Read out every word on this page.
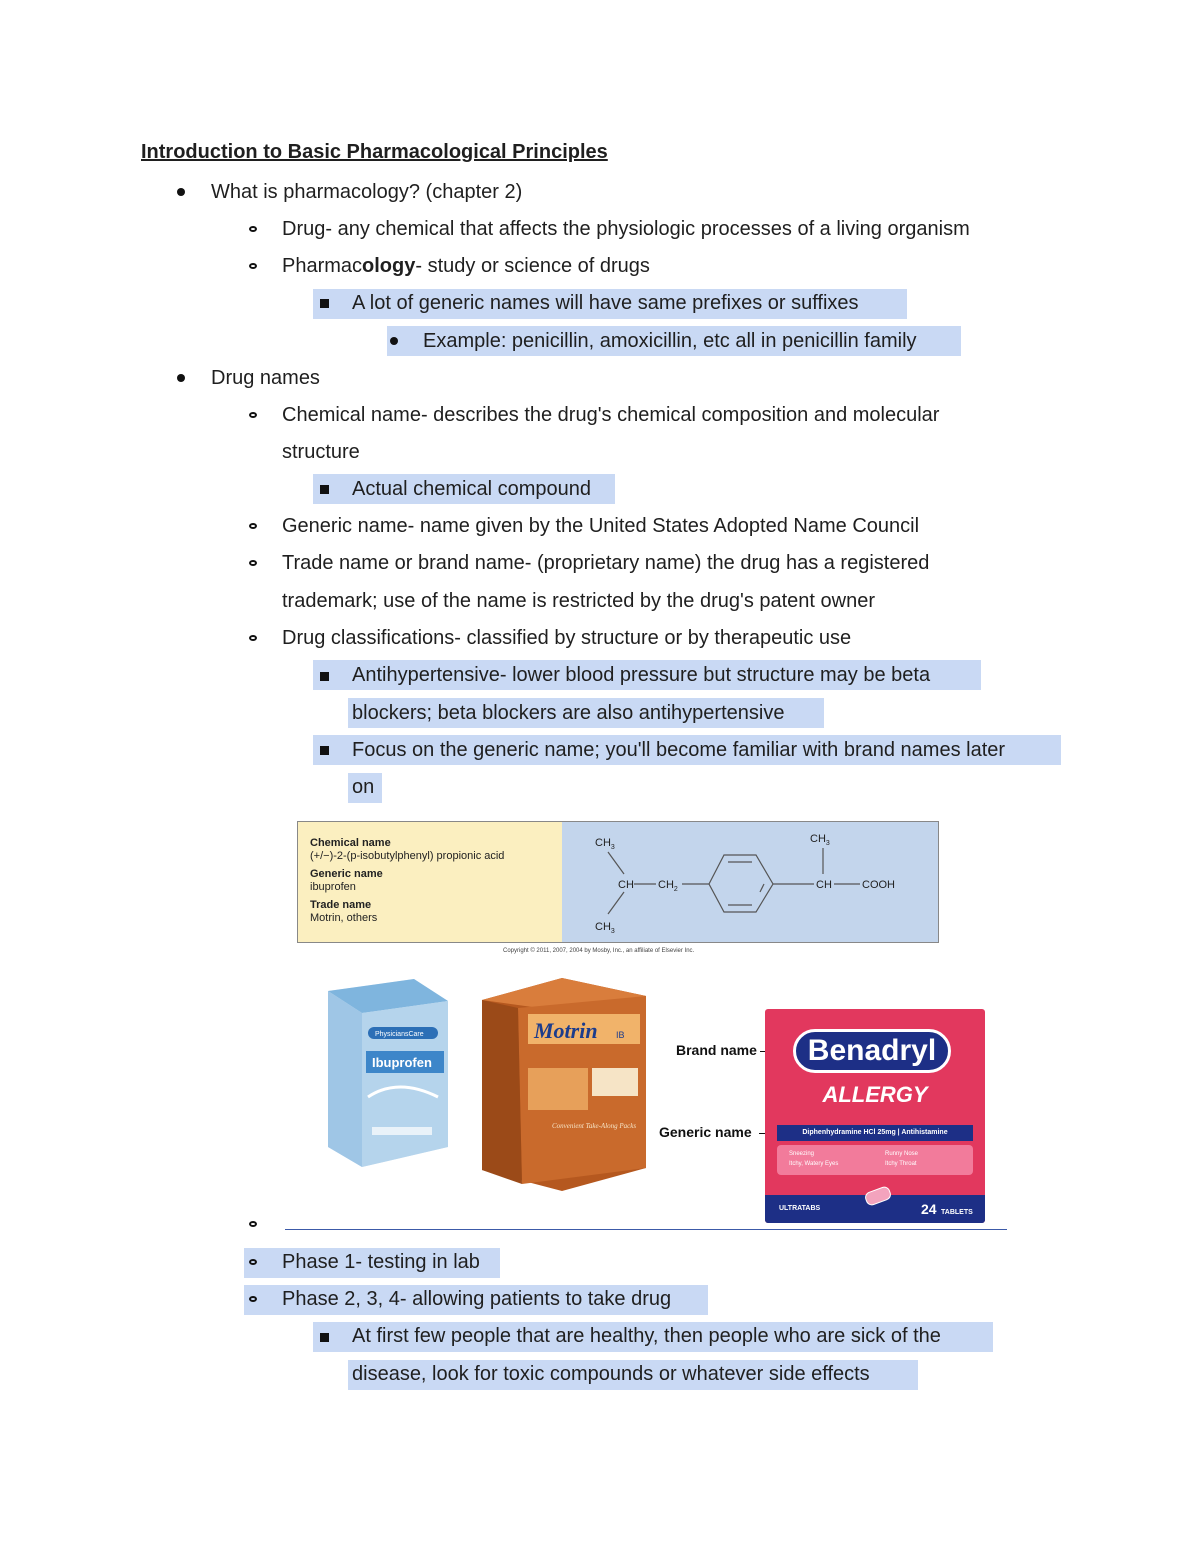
Introduction to Basic Pharmacological Principles
What is pharmacology? (chapter 2)
Drug- any chemical that affects the physiologic processes of a living organism
Pharmacology- study or science of drugs
A lot of generic names will have same prefixes or suffixes
Example: penicillin, amoxicillin, etc all in penicillin family
Drug names
Chemical name- describes the drug's chemical composition and molecular
structure
Actual chemical compound
Generic name- name given by the United States Adopted Name Council
Trade name or brand name- (proprietary name) the drug has a registered
trademark; use of the name is restricted by the drug's patent owner
Drug classifications- classified by structure or by therapeutic use
Antihypertensive- lower blood pressure but structure may be beta
blockers; beta blockers are also antihypertensive
Focus on the generic name; you'll become familiar with brand names later
on
Chemical name
(+/−)-2-(p-isobutylphenyl) propionic acid
Generic name
ibuprofen
Trade name
Motrin, others
$CH_3$
CH $CH_2$
$CH_3$
$CH_3$
CH	COOH
Copyright © 2011, 2007, 2004 by Mosby, Inc., an affiliate of Elsevier Inc.
PhysiciansCare
Ibuprofen
Motrin IB
Convenient Take-Along Packs
Brand name
Generic name
Benadryl
ALLERGY
Diphenhydramine HCl 25mg | Antihistamine
Sneezing	Runny Nose
Itchy, Watery Eyes	Itchy Throat
ULTRATABS	24 TABLETS
Phase 1- testing in lab
Phase 2, 3, 4- allowing patients to take drug
At first few people that are healthy, then people who are sick of the
disease, look for toxic compounds or whatever side effects
